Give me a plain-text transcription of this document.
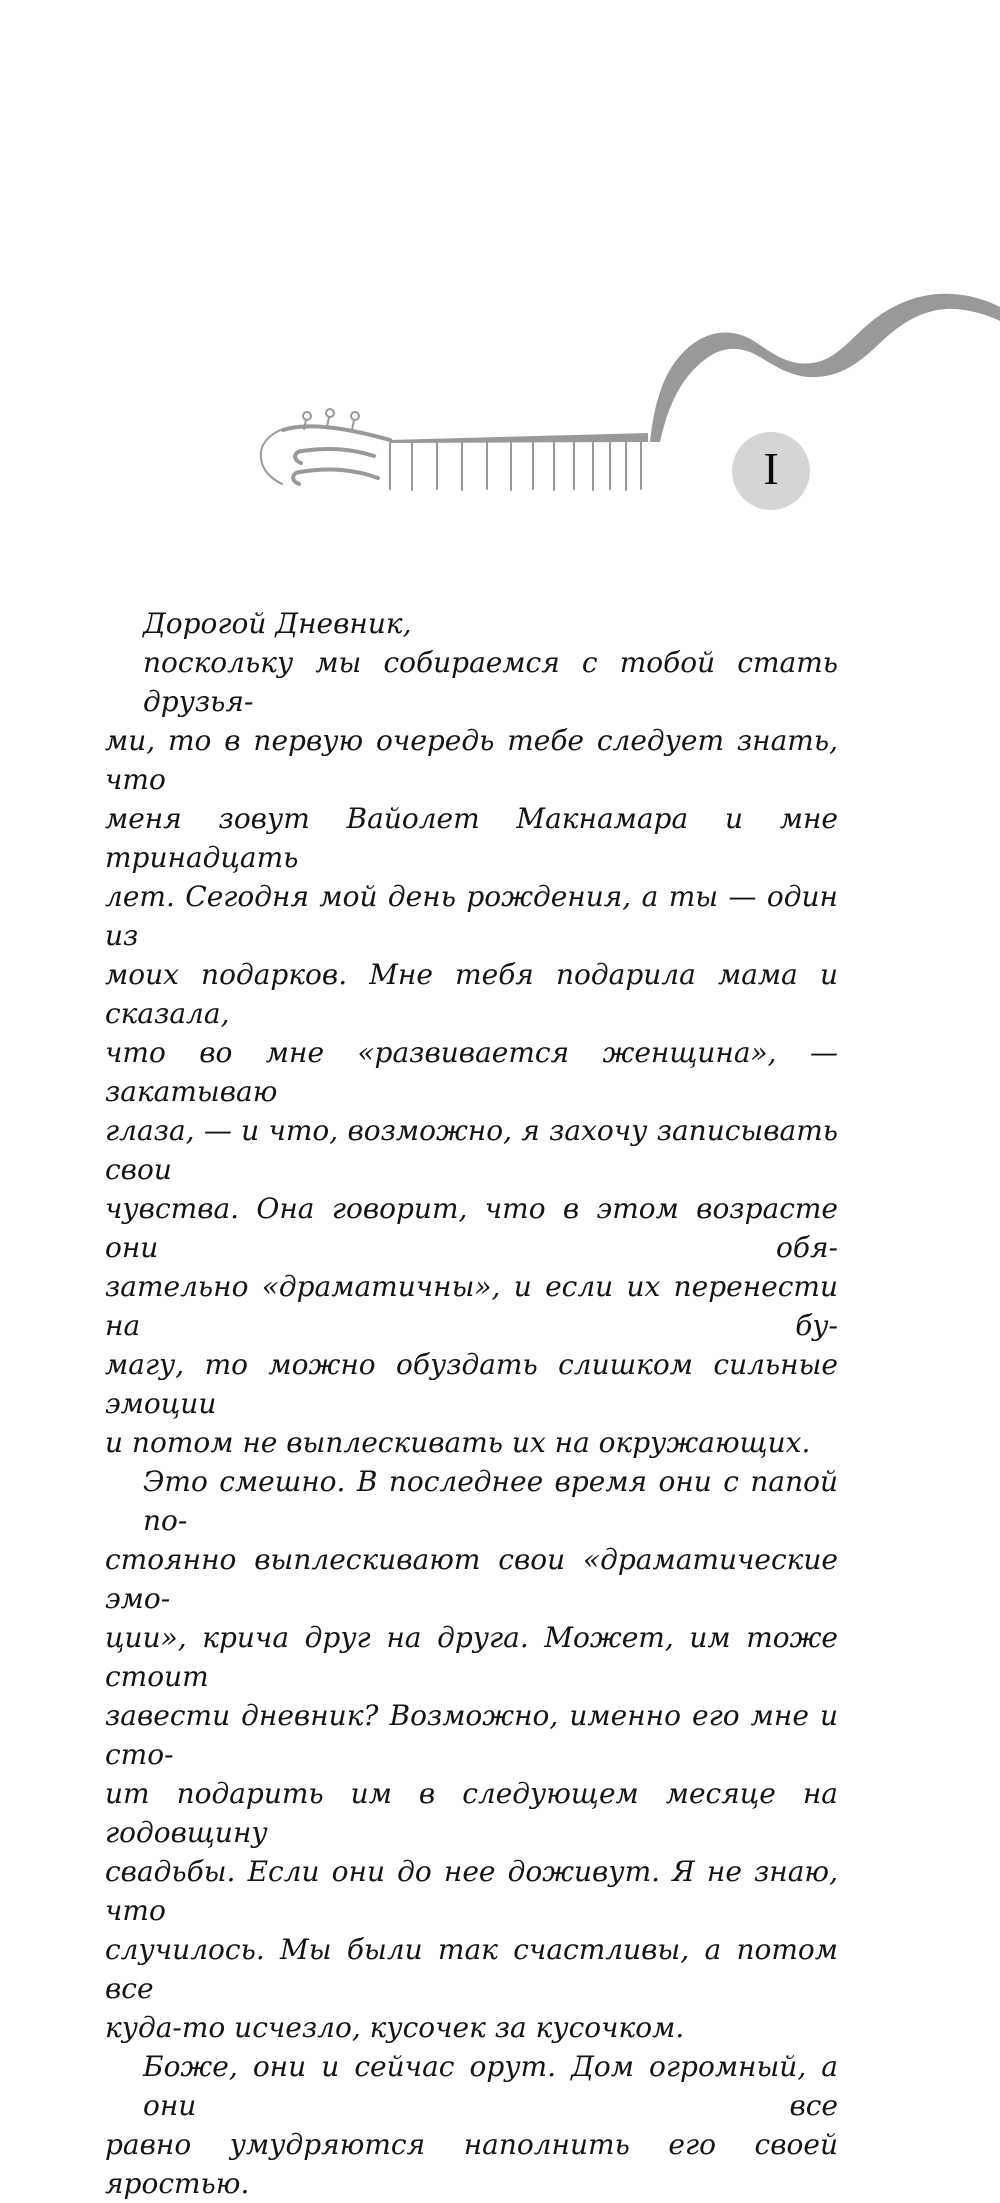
I
Дорогой Дневник,
поскольку мы собираемся с тобой стать друзья-
ми, то в первую очередь тебе следует знать, что
меня зовут Вайолет Макнамара и мне тринадцать
лет. Сегодня мой день рождения, а ты — один из
моих подарков. Мне тебя подарила мама и сказала,
что во мне «развивается женщина», — закатываю
глаза, — и что, возможно, я захочу записывать свои
чувства. Она говорит, что в этом возрасте они обя-
зательно «драматичны», и если их перенести на бу-
магу, то можно обуздать слишком сильные эмоции
и потом не выплескивать их на окружающих.
Это смешно. В последнее время они с папой по-
стоянно выплескивают свои «драматические эмо-
ции», крича друг на друга. Может, им тоже стоит
завести дневник? Возможно, именно его мне и сто-
ит подарить им в следующем месяце на годовщину
свадьбы. Если они до нее доживут. Я не знаю, что
случилось. Мы были так счастливы, а потом все
куда-то исчезло, кусочек за кусочком.
Боже, они и сейчас орут. Дом огромный, а они все
равно умудряются наполнить его своей яростью.
